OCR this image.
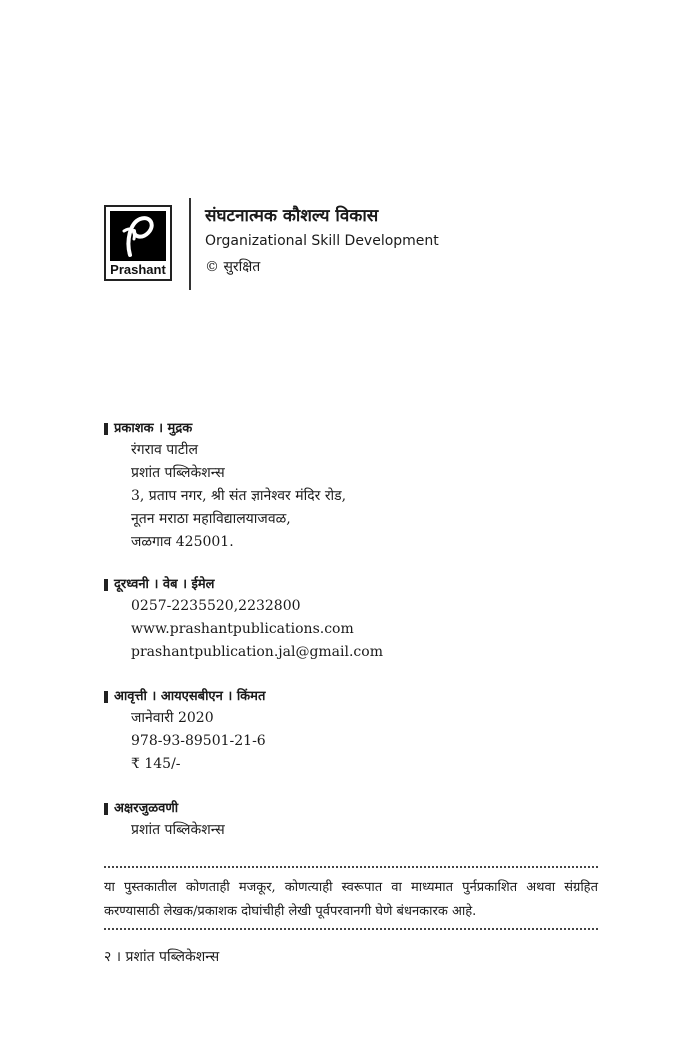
Prashant
संघटनात्मक कौशल्य विकास
Organizational Skill Development
© सुरक्षित
प्रकाशक । मुद्रक
रंगराव पाटील
प्रशांत पब्लिकेशन्स
3, प्रताप नगर, श्री संत ज्ञानेश्वर मंदिर रोड,
नूतन मराठा महाविद्यालयाजवळ,
जळगाव 425001.
दूरध्वनी । वेब । ईमेल
0257-2235520,2232800
www.prashantpublications.com
prashantpublication.jal@gmail.com
आवृत्ती । आयएसबीएन । किंमत
जानेवारी 2020
978-93-89501-21-6
₹ 145/-
अक्षरजुळवणी
प्रशांत पब्लिकेशन्स
या पुस्तकातील कोणताही मजकूर, कोणत्याही स्वरूपात वा माध्यमात पुर्नप्रकाशित अथवा संग्रहित करण्यासाठी लेखक/प्रकाशक दोघांचीही लेखी पूर्वपरवानगी घेणे बंधनकारक आहे.
२ । प्रशांत पब्लिकेशन्स
